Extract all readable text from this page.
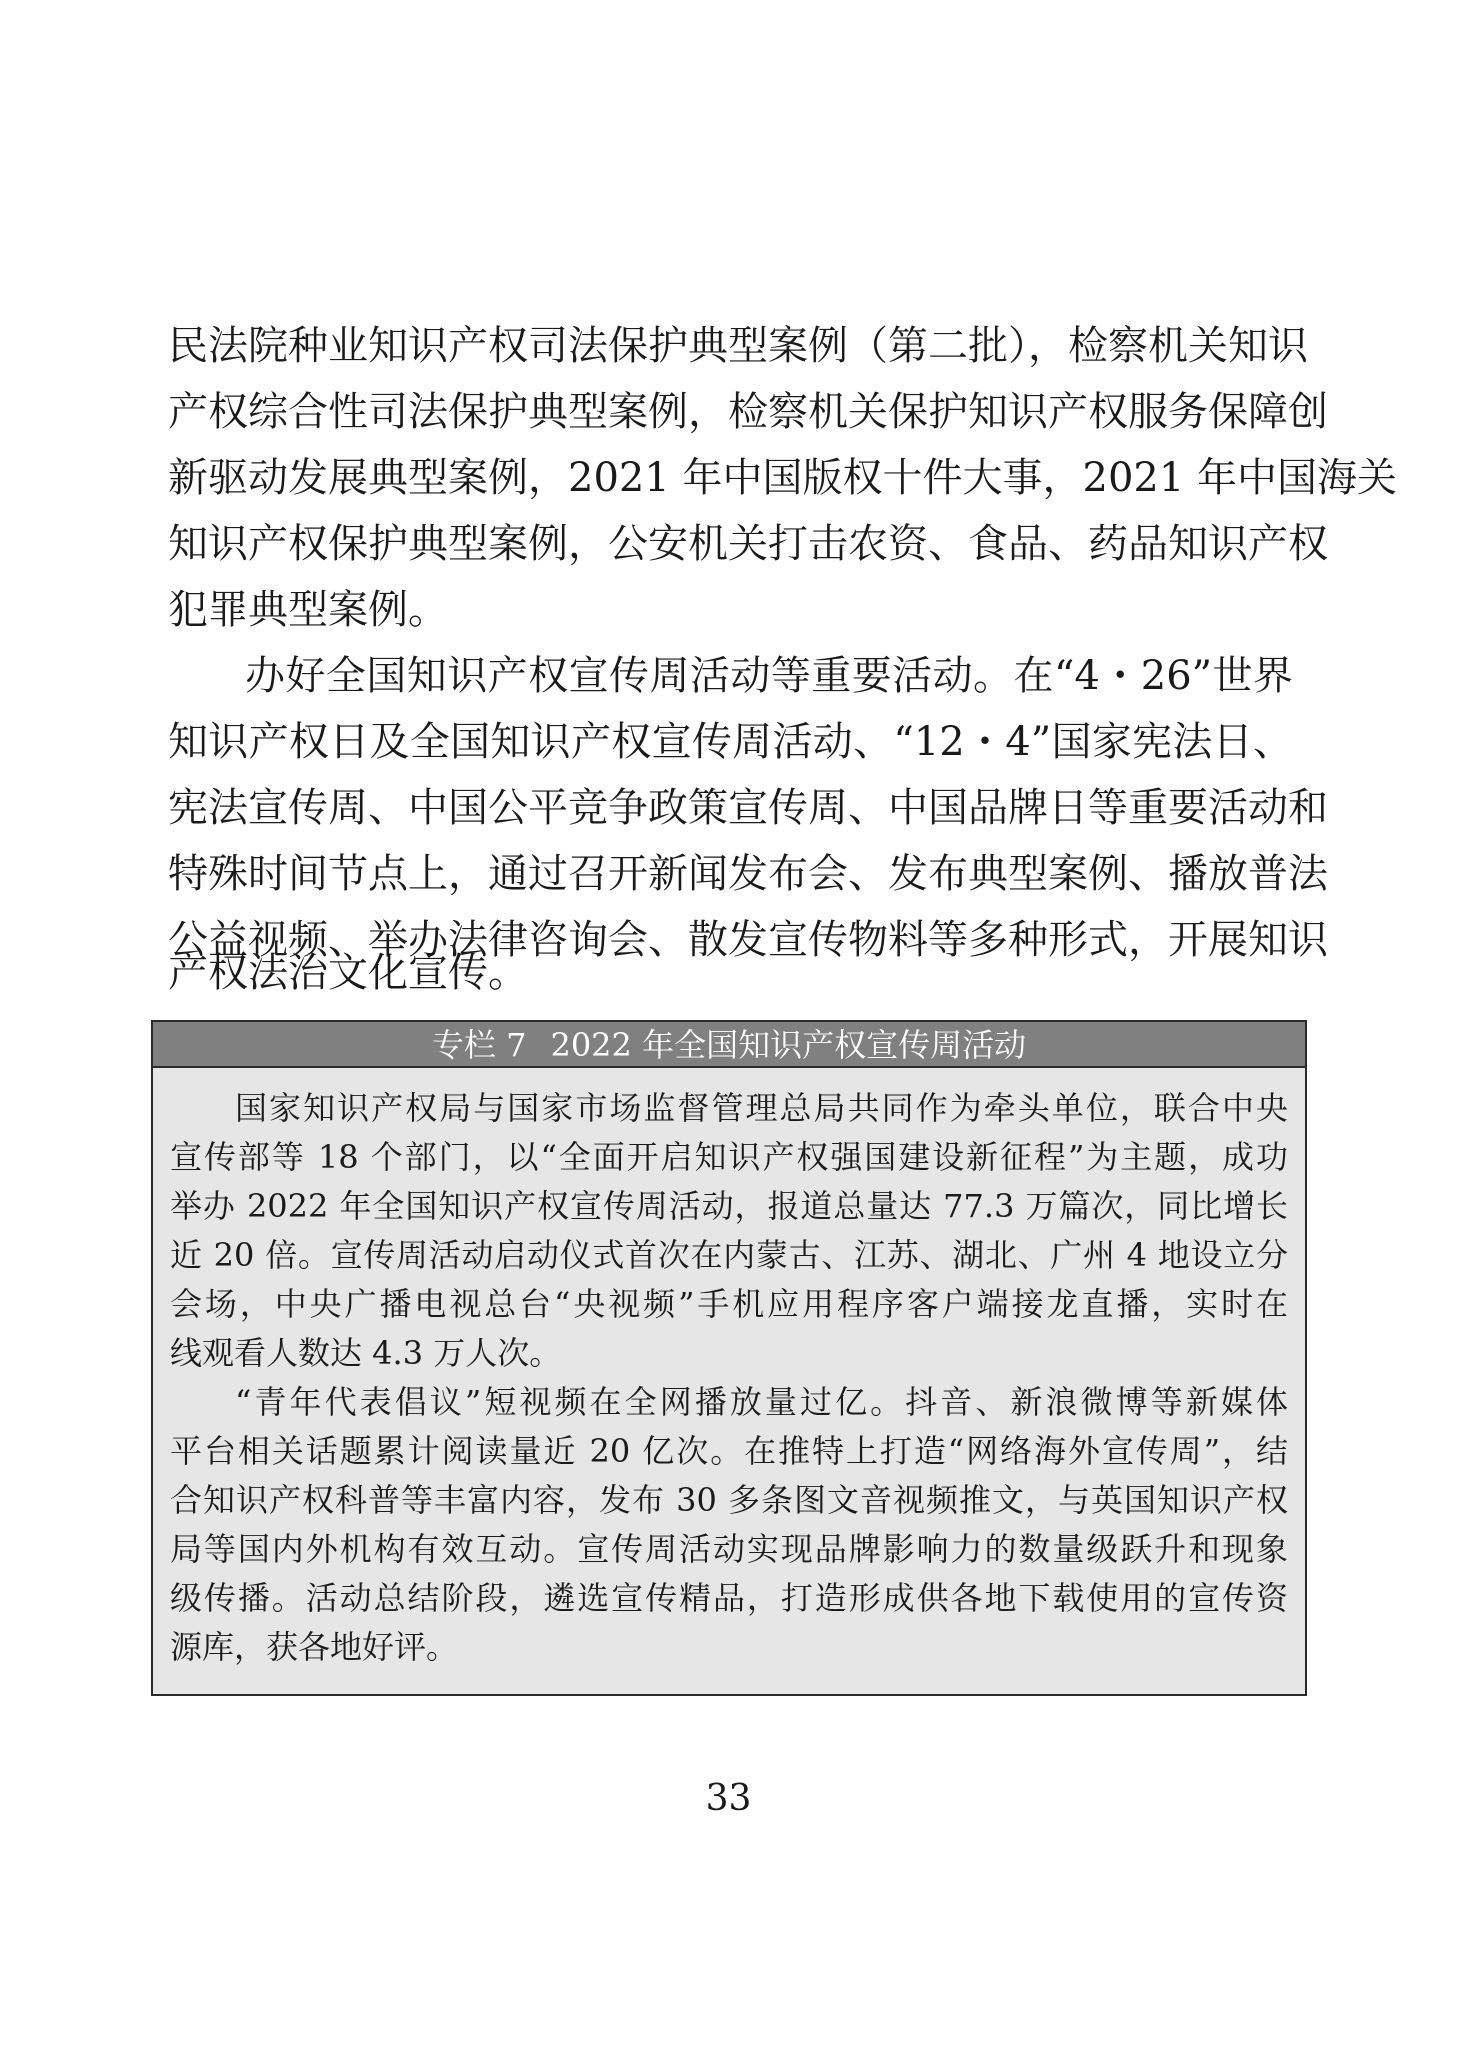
民法院种业知识产权司法保护典型案例（第二批），检察机关知识

产权综合性司法保护典型案例，检察机关保护知识产权服务保障创

新驱动发展典型案例，2021 年中国版权十件大事，2021 年中国海关

知识产权保护典型案例，公安机关打击农资、食品、药品知识产权

犯罪典型案例。

办好全国知识产权宣传周活动等重要活动。在“4・26”世界

知识产权日及全国知识产权宣传周活动、“12・4”国家宪法日、

宪法宣传周、中国公平竞争政策宣传周、中国品牌日等重要活动和

特殊时间节点上，通过召开新闻发布会、发布典型案例、播放普法

公益视频、举办法律咨询会、散发宣传物料等多种形式，开展知识

产权法治文化宣传。

专栏 7 2022 年全国知识产权宣传周活动

国家知识产权局与国家市场监督管理总局共同作为牵头单位，联合中央

宣传部等 18 个部门，以“全面开启知识产权强国建设新征程”为主题，成功

举办 2022 年全国知识产权宣传周活动，报道总量达 77.3 万篇次，同比增长

近 20 倍。宣传周活动启动仪式首次在内蒙古、江苏、湖北、广州 4 地设立分

会场，中央广播电视总台“央视频”手机应用程序客户端接龙直播，实时在

线观看人数达 4.3 万人次。

“青年代表倡议”短视频在全网播放量过亿。抖音、新浪微博等新媒体

平台相关话题累计阅读量近 20 亿次。在推特上打造“网络海外宣传周”，结

合知识产权科普等丰富内容，发布 30 多条图文音视频推文，与英国知识产权

局等国内外机构有效互动。宣传周活动实现品牌影响力的数量级跃升和现象

级传播。活动总结阶段，遴选宣传精品，打造形成供各地下载使用的宣传资

源库，获各地好评。

33
